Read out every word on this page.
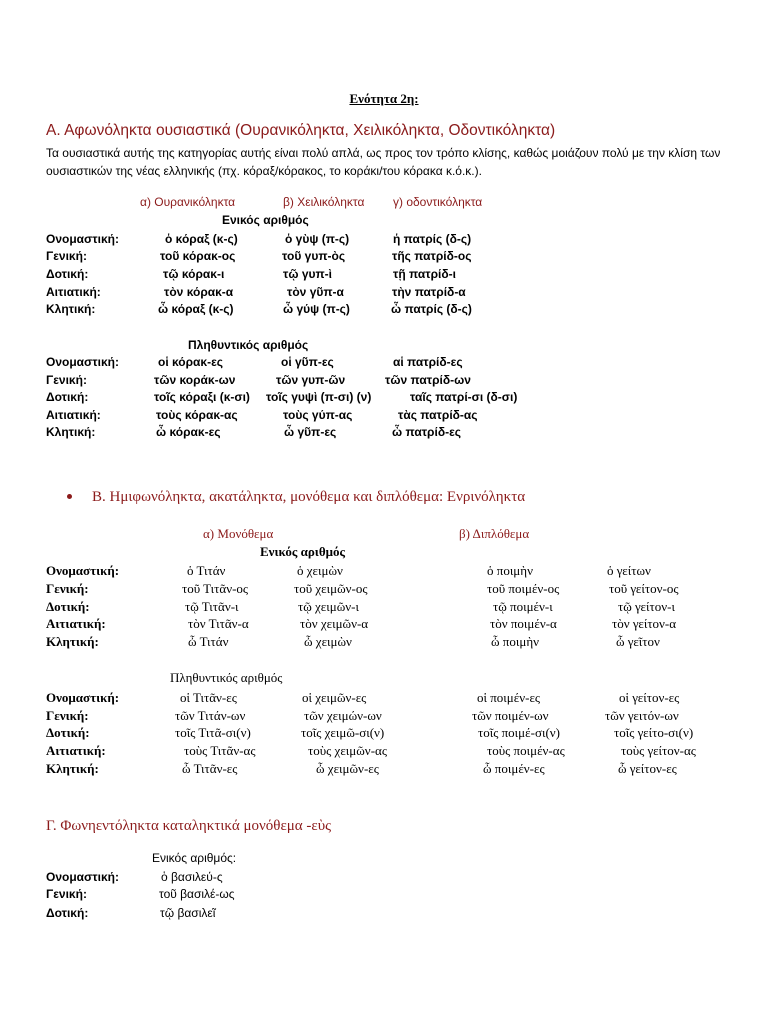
Ενότητα 2η:
Α. Αφωνόληκτα ουσιαστικά (Ουρανικόληκτα, Χειλικόληκτα, Οδοντικόληκτα)
Τα ουσιαστικά αυτής της κατηγορίας αυτής είναι πολύ απλά, ως προς τον τρόπο κλίσης, καθώς μοιάζουν πολύ με την κλίση των ουσιαστικών της νέας ελληνικής (πχ. κόραξ/κόρακος, το κοράκι/του κόρακα κ.ό.κ.).
α) Ουρανικόληκτα	β) Χειλικόληκτα γ) οδοντικόληκτα
Ενικός αριθμός
Ονομαστική:	ὁ κόραξ (κ-ς)	ὁ γὺψ (π-ς)	ἡ πατρίς (δ-ς)
Γενική:	τοῦ κόρακ-ος	τοῦ γυπ-ὸς	τῆς πατρίδ-ος
Δοτική:	τῷ κόρακ-ι	τῷ γυπ-ὶ	τῇ πατρίδ-ι
Αιτιατική:	τὸν κόρακ-α	τὸν γῦπ-α	τὴν πατρίδ-α
Κλητική:	ὦ κόραξ (κ-ς)	ὦ γύψ (π-ς)	ὦ πατρίς (δ-ς)
Πληθυντικός αριθμός
Ονομαστική:	οἱ κόρακ-ες	οἱ γῦπ-ες	αἱ πατρίδ-ες
Γενική:	τῶν κοράκ-ων	τῶν γυπ-ῶν	τῶν πατρίδ-ων
Δοτική:	τοῖς κόραξι (κ-σι) τοῖς γυψὶ (π-σι) (ν)	ταῖς πατρί-σι (δ-σι)
Αιτιατική:	τοὺς κόρακ-ας	τοὺς γύπ-ας	τὰς πατρίδ-ας
Κλητική:	ὦ κόρακ-ες	ὦ γῦπ-ες	ὦ πατρίδ-ες
Β. Ημιφωνόληκτα, ακατάληκτα, μονόθεμα και διπλόθεμα: Ενρινόληκτα
α) Μονόθεμα	β) Διπλόθεμα
Ενικός αριθμός
Ονομαστική:	ὁ Τιτάν	ὁ χειμὼν	ὁ ποιμὴν	ὁ γείτων
Γενική:	τοῦ Τιτᾶν-ος	τοῦ χειμῶν-ος	τοῦ ποιμέν-ος	τοῦ γείτον-ος
Δοτική:	τῷ Τιτᾶν-ι	τῷ χειμῶν-ι	τῷ ποιμέν-ι	τῷ γείτον-ι
Αιτιατική:	τὸν Τιτᾶν-α	τὸν χειμῶν-α	τὸν ποιμέν-α	τὸν γείτον-α
Κλητική:	ὦ Τιτάν	ὦ χειμὼν	ὦ ποιμὴν	ὦ γεῖτον
Πληθυντικός αριθμός
Ονομαστική:	οἱ Τιτᾶν-ες	οἱ χειμῶν-ες	οἱ ποιμέν-ες	οἱ γείτον-ες
Γενική:	τῶν Τιτάν-ων	τῶν χειμών-ων	τῶν ποιμέν-ων	τῶν γειτόν-ων
Δοτική:	τοῖς Τιτᾶ-σι(ν)	τοῖς χειμῶ-σι(ν)	τοῖς ποιμέ-σι(ν)	τοῖς γείτο-σι(ν)
Αιτιατική:	τοὺς Τιτᾶν-ας	τοὺς χειμῶν-ας	τοὺς ποιμέν-ας	τοὺς γείτον-ας
Κλητική:	ὦ Τιτᾶν-ες	ὦ χειμῶν-ες	ὦ ποιμέν-ες	ὦ γείτον-ες
Γ. Φωνηεντόληκτα καταληκτικά μονόθεμα -εὺς
Ενικός αριθμός:
Ονομαστική:	ὁ βασιλεύ-ς
Γενική:	τοῦ βασιλέ-ως
Δοτική:	τῷ βασιλεῖ
